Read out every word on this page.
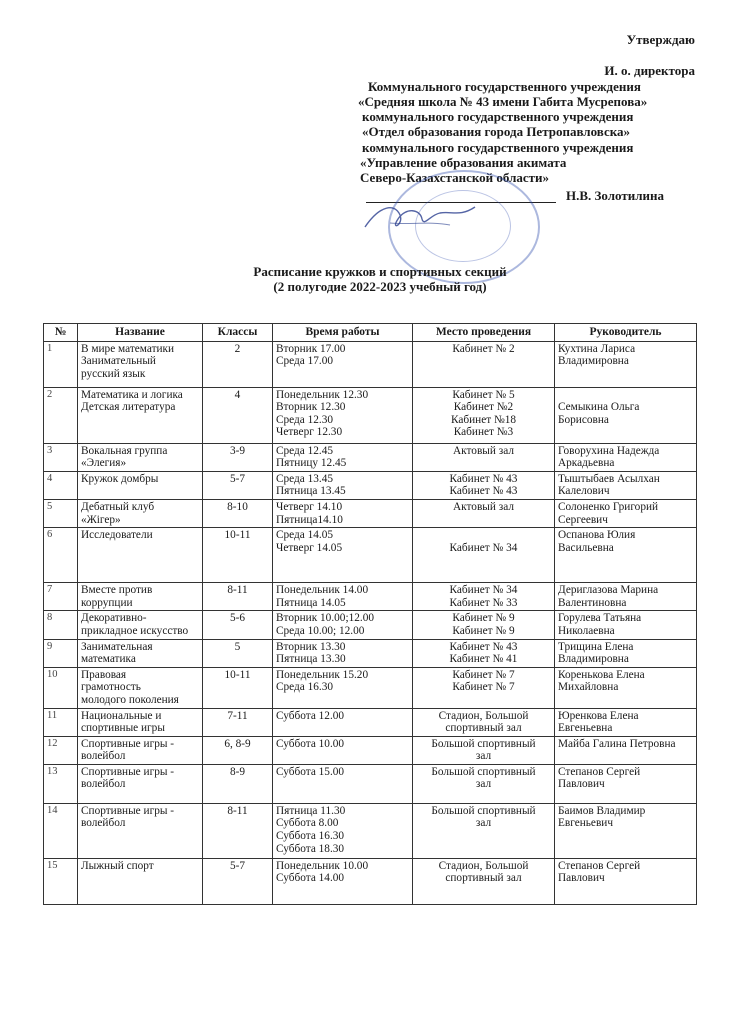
Утверждаю
И. о. директора
Коммунального государственного учреждения
«Средняя школа № 43 имени Габита Мусрепова»
коммунального государственного учреждения
«Отдел образования города Петропавловска»
коммунального государственного учреждения
«Управление образования акимата
Северо-Казахстанской области»
Н.В. Золотилина
Расписание кружков и спортивных секций
(2 полугодие 2022-2023 учебный год)
№	Название	Классы	Время работы	Место проведения	Руководитель
1	В мире математики
Занимательный
русский язык	2	Вторник 17.00
Среда 17.00	Кабинет № 2	Кухтина Лариса
Владимировна

2	Математика и логика
Детская литература	4	Понедельник 12.30
Вторник 12.30
Среда 12.30
Четверг 12.30	Кабинет № 5
Кабинет №2
Кабинет №18
Кабинет №3	Семыкина Ольга
Борисовна

3	Вокальная группа
«Элегия»	3-9	Среда 12.45
Пятницу 12.45	Актовый зал	Говорухина Надежда
Аркадьевна

4	Кружок домбры	5-7	Среда 13.45
Пятница 13.45	Кабинет № 43
Кабинет № 43	Тыштыбаев Асылхан
Калелович

5	Дебатный клуб
«Жігер»	8-10	Четверг 14.10
Пятница14.10	Актовый зал	Солоненко Григорий
Сергеевич

6	Исследователи	10-11	Среда 14.05
Четверг 14.05	Кабинет № 34	Оспанова Юлия
Васильевна

7	Вместе против
коррупции	8-11	Понедельник 14.00
Пятница 14.05	Кабинет № 34
Кабинет № 33	Дериглазова Марина
Валентиновна

8	Декоративно-
прикладное искусство	5-6	Вторник 10.00;12.00
Среда 10.00; 12.00	Кабинет № 9
Кабинет № 9	Горулева Татьяна
Николаевна

9	Занимательная
математика	5	Вторник 13.30
Пятница 13.30	Кабинет № 43
Кабинет № 41	Трищина Елена
Владимировна

10	Правовая
грамотность
молодого поколения	10-11	Понедельник 15.20
Среда 16.30	Кабинет № 7
Кабинет № 7	Коренькова Елена
Михайловна

11	Национальные и
спортивные игры	7-11	Суббота 12.00	Стадион, Большой
спортивный зал	Юренкова Елена
Евгеньевна

12	Спортивные игры -
волейбол	6, 8-9	Суббота 10.00	Большой спортивный
зал	Майба Галина Петровна

13	Спортивные игры -
волейбол	8-9	Суббота 15.00	Большой спортивный
зал	Степанов Сергей
Павлович

14	Спортивные игры -
волейбол	8-11	Пятница 11.30
Суббота 8.00
Суббота 16.30
Суббота 18.30	Большой спортивный
зал	Баимов Владимир
Евгеньевич

15	Лыжный спорт	5-7	Понедельник 10.00
Суббота 14.00	Стадион, Большой
спортивный зал	Степанов Сергей
Павлович
